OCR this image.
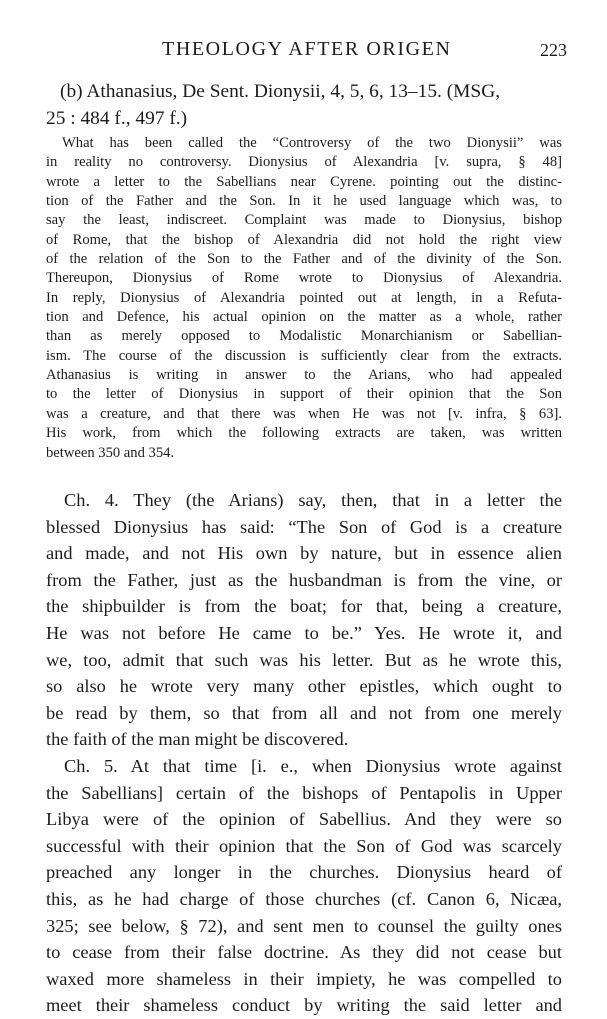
THEOLOGY AFTER ORIGEN	223
(b) Athanasius, De Sent. Dionysii, 4, 5, 6, 13–15. (MSG,
25 : 484 f., 497 f.)
What has been called the “Controversy of the two Dionysii” was
in reality no controversy. Dionysius of Alexandria [v. supra, § 48]
wrote a letter to the Sabellians near Cyrene. pointing out the distinc-
tion of the Father and the Son. In it he used language which was, to
say the least, indiscreet. Complaint was made to Dionysius, bishop
of Rome, that the bishop of Alexandria did not hold the right view
of the relation of the Son to the Father and of the divinity of the Son.
Thereupon, Dionysius of Rome wrote to Dionysius of Alexandria.
In reply, Dionysius of Alexandria pointed out at length, in a Refuta-
tion and Defence, his actual opinion on the matter as a whole, rather
than as merely opposed to Modalistic Monarchianism or Sabellian-
ism. The course of the discussion is sufficiently clear from the extracts.
Athanasius is writing in answer to the Arians, who had appealed
to the letter of Dionysius in support of their opinion that the Son
was a creature, and that there was when He was not [v. infra, § 63].
His work, from which the following extracts are taken, was written
between 350 and 354.
Ch. 4. They (the Arians) say, then, that in a letter the
blessed Dionysius has said: “The Son of God is a creature
and made, and not His own by nature, but in essence alien
from the Father, just as the husbandman is from the vine, or
the shipbuilder is from the boat; for that, being a creature,
He was not before He came to be.” Yes. He wrote it, and
we, too, admit that such was his letter. But as he wrote this,
so also he wrote very many other epistles, which ought to
be read by them, so that from all and not from one merely
the faith of the man might be discovered.
Ch. 5. At that time [i. e., when Dionysius wrote against
the Sabellians] certain of the bishops of Pentapolis in Upper
Libya were of the opinion of Sabellius. And they were so
successful with their opinion that the Son of God was scarcely
preached any longer in the churches. Dionysius heard of
this, as he had charge of those churches (cf. Canon 6, Nicæa,
325; see below, § 72), and sent men to counsel the guilty ones
to cease from their false doctrine. As they did not cease but
waxed more shameless in their impiety, he was compelled to
meet their shameless conduct by writing the said letter and
